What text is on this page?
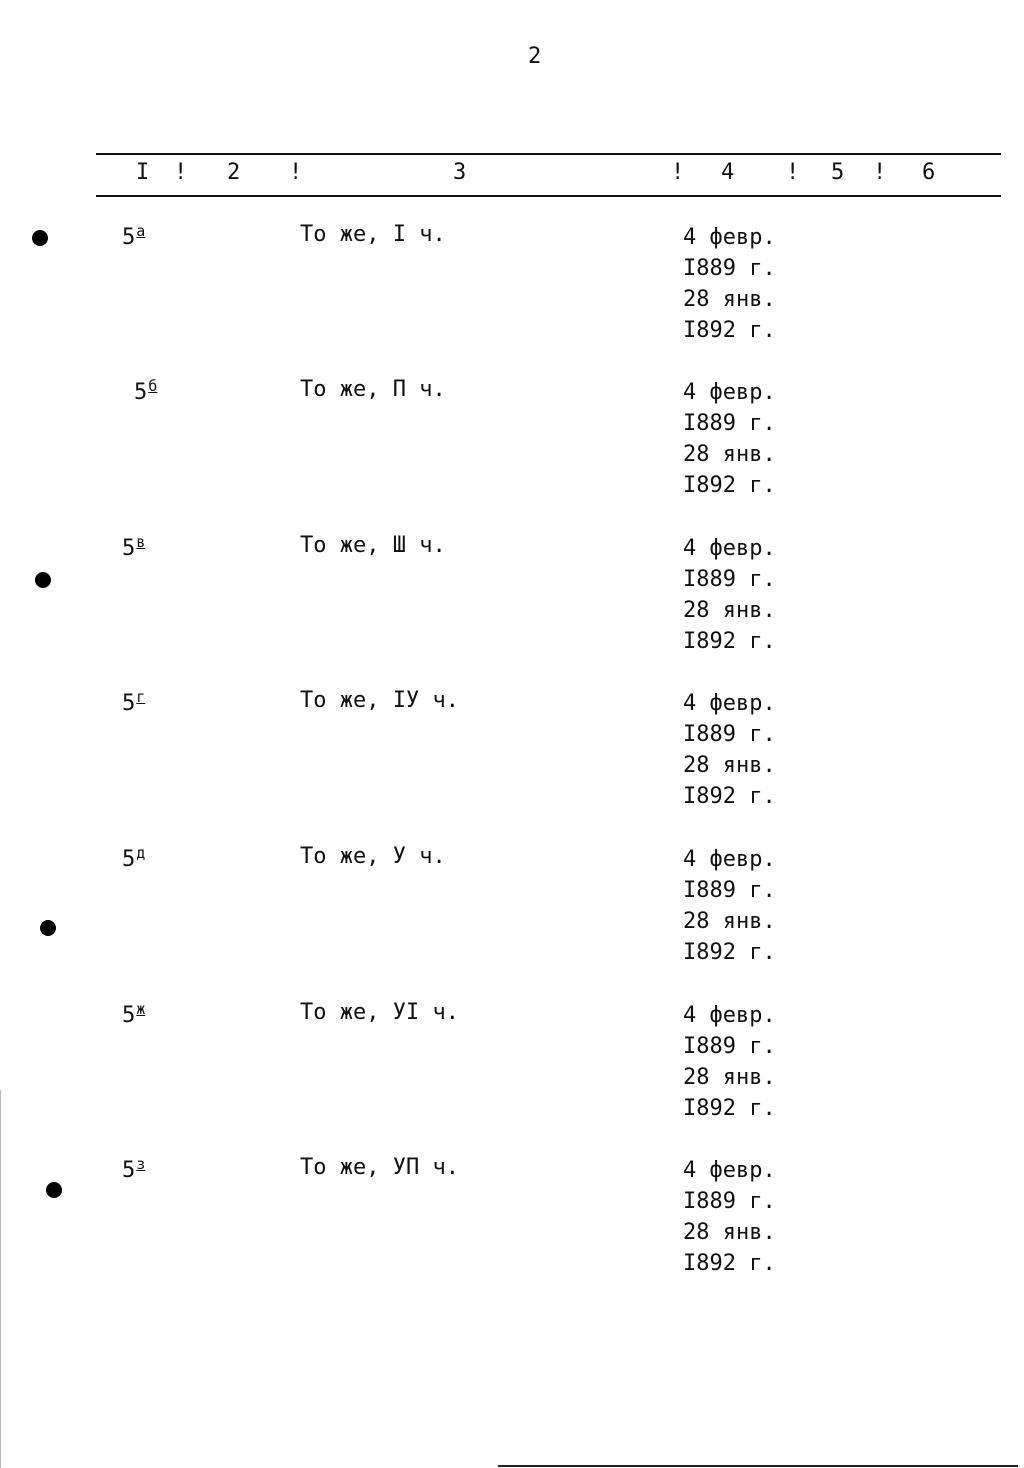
2
I ! 2 !	3	! 4 ! 5 ! 6
$5^а$	То же, I ч.	4 февр.
I889 г.
28 янв.
I892 г.
$5^б$	То же, П ч.	4 февр.
I889 г.
28 янв.
I892 г.
$5^в$	То же, Ш ч.	4 февр.
I889 г.
28 янв.
I892 г.
$5^г$	То же, IУ ч.	4 февр.
I889 г.
28 янв.
I892 г.
$5^д$	То же, У ч.	4 февр.
I889 г.
28 янв.
I892 г.
$5^ж$	То же, УI ч.	4 февр.
I889 г.
28 янв.
I892 г.
$5^з$	То же, УП ч.	4 февр.
I889 г.
28 янв.
I892 г.
